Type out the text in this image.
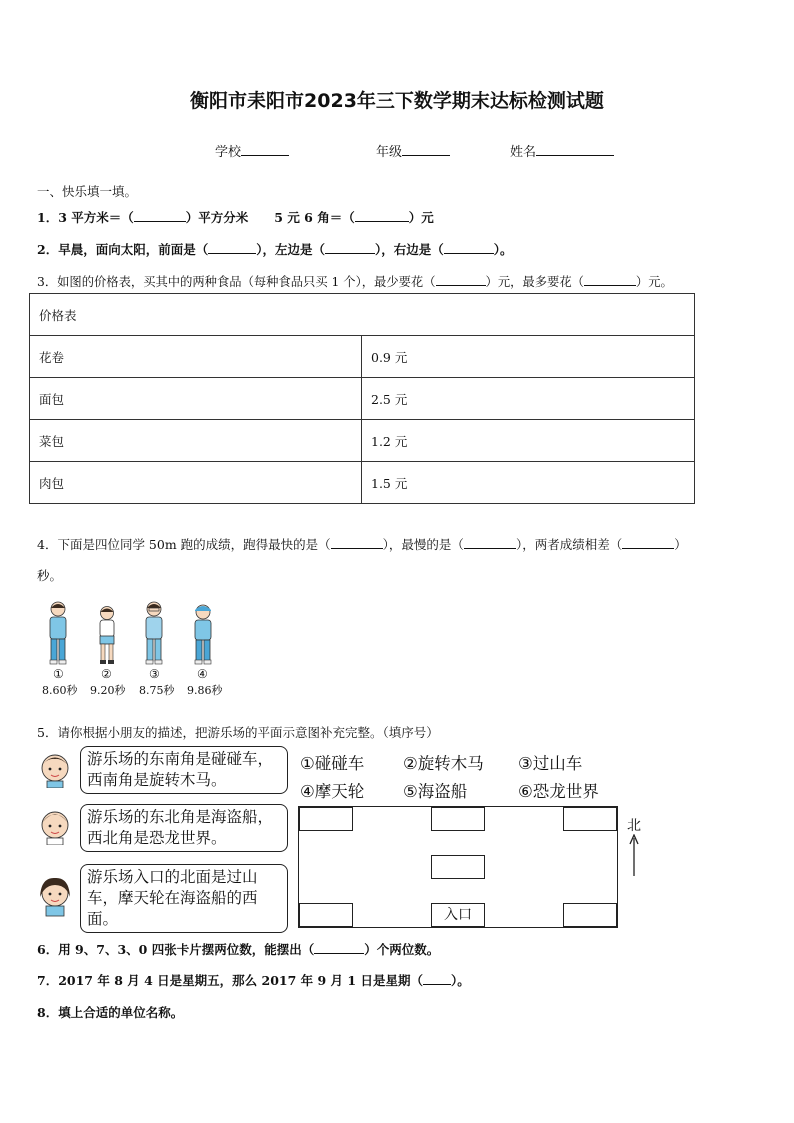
衡阳市耒阳市2023年三下数学期末达标检测试题
学校	年级	姓名
一、快乐填一填。
1．3 平方米＝（	）平方分米 5 元 6 角＝（	）元
2．早晨，面向太阳，前面是（	），左边是（	），右边是（	）。
3．如图的价格表，买其中的两种食品（每种食品只买 1 个），最少要花（	）元，最多要花（	）元。
价格表	
花卷	0.9 元
面包	2.5 元
菜包	1.2 元
肉包	1.5 元
4．下面是四位同学 50m 跑的成绩，跑得最快的是（	），最慢的是（	），两者成绩相差（	）
秒。
①	②	③	④
8.60秒 9.20秒 8.75秒 9.86秒
5．请你根据小朋友的描述，把游乐场的平面示意图补充完整。（填序号）
游乐场的东南角是碰碰车，西南角是旋转木马。
游乐场的东北角是海盗船，西北角是恐龙世界。
游乐场入口的北面是过山车，摩天轮在海盗船的西面。
①碰碰车 ②旋转木马 ③过山车
④摩天轮 ⑤海盗船	⑥恐龙世界
入口
北
6．用 9、7、3、0 四张卡片摆两位数，能摆出（	）个两位数。
7．2017 年 8 月 4 日是星期五，那么 2017 年 9 月 1 日是星期（ ）。
8．填上合适的单位名称。
